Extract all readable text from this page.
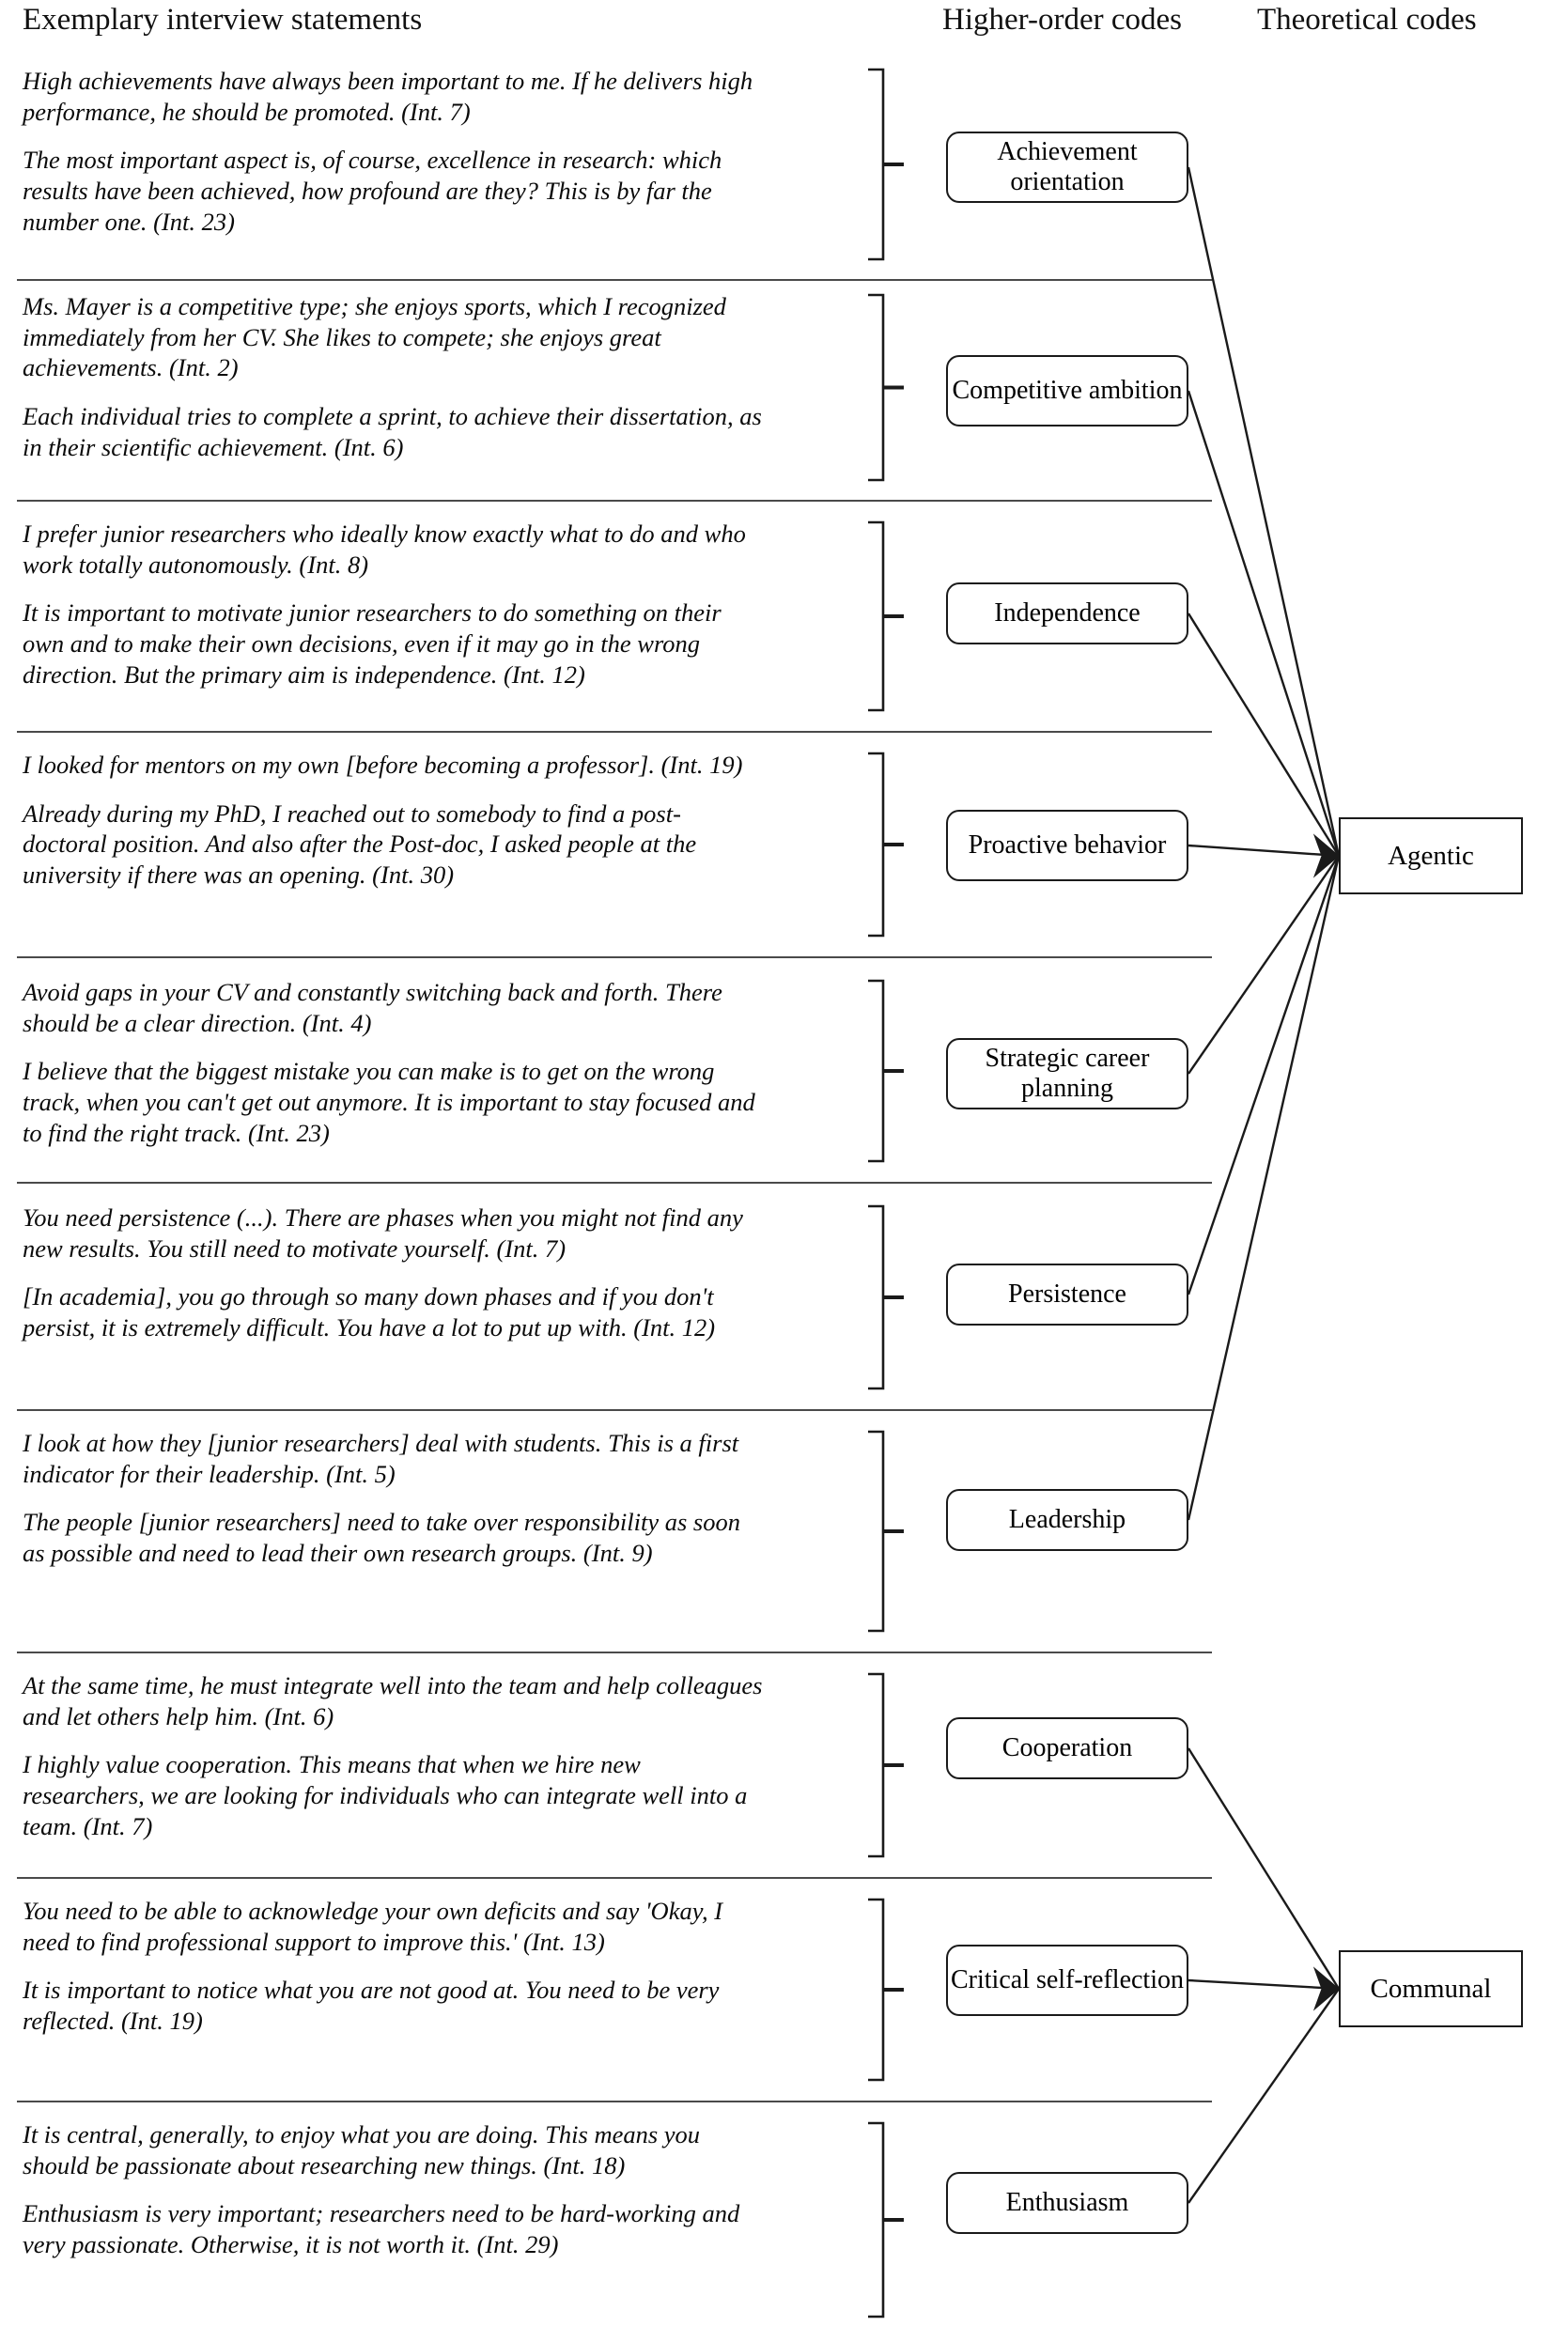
Exemplary interview statements	Higher-order codes Theoretical codes

High achievements have always been important to me. If he delivers high performance, he should be promoted. (Int. 7)

The most important aspect is, of course, excellence in research: which results have been achieved, how profound are they? This is by far the number one. (Int. 23)

Achievement orientation

Ms. Mayer is a competitive type; she enjoys sports, which I recognized immediately from her CV. She likes to compete; she enjoys great achievements. (Int. 2)

Each individual tries to complete a sprint, to achieve their dissertation, as in their scientific achievement. (Int. 6)

Competitive ambition

I prefer junior researchers who ideally know exactly what to do and who work totally autonomously. (Int. 8)

It is important to motivate junior researchers to do something on their own and to make their own decisions, even if it may go in the wrong direction. But the primary aim is independence. (Int. 12)

Independence

I looked for mentors on my own [before becoming a professor]. (Int. 19)

Already during my PhD, I reached out to somebody to find a post-doctoral position. And also after the Post-doc, I asked people at the university if there was an opening. (Int. 30)

Proactive behavior

Avoid gaps in your CV and constantly switching back and forth. There should be a clear direction. (Int. 4)

I believe that the biggest mistake you can make is to get on the wrong track, when you can't get out anymore. It is important to stay focused and to find the right track. (Int. 23)

Strategic career planning

You need persistence (...). There are phases when you might not find any new results. You still need to motivate yourself. (Int. 7)

[In academia], you go through so many down phases and if you don't persist, it is extremely difficult. You have a lot to put up with. (Int. 12)

Persistence

I look at how they [junior researchers] deal with students. This is a first indicator for their leadership. (Int. 5)

The people [junior researchers] need to take over responsibility as soon as possible and need to lead their own research groups. (Int. 9)

Leadership

At the same time, he must integrate well into the team and help colleagues and let others help him. (Int. 6)

I highly value cooperation. This means that when we hire new researchers, we are looking for individuals who can integrate well into a team. (Int. 7)

Cooperation

You need to be able to acknowledge your own deficits and say 'Okay, I need to find professional support to improve this.' (Int. 13)

It is important to notice what you are not good at. You need to be very reflected. (Int. 19)

Critical self-reflection

It is central, generally, to enjoy what you are doing. This means you should be passionate about researching new things. (Int. 18)

Enthusiasm is very important; researchers need to be hard-working and very passionate. Otherwise, it is not worth it. (Int. 29)

Enthusiasm
Agentic
Communal
